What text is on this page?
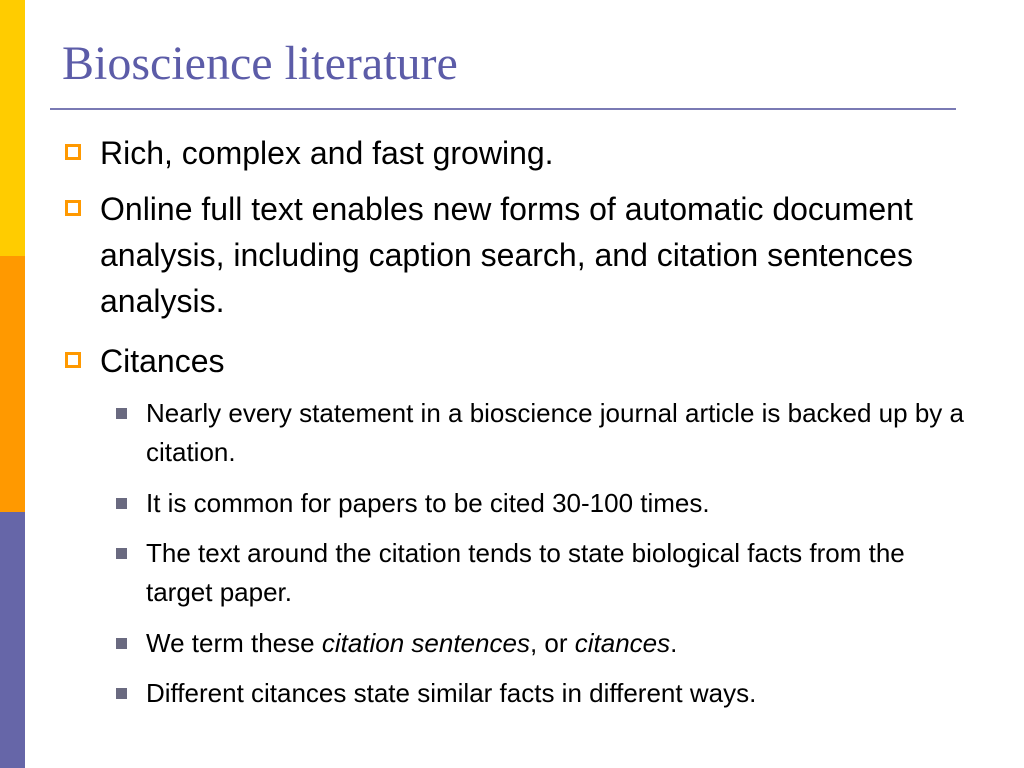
Bioscience literature
Rich, complex and fast growing.
Online full text enables new forms of automatic document analysis, including caption search, and citation sentences analysis.
Citances
Nearly every statement in a bioscience journal article is backed up by a citation.
It is common for papers to be cited 30-100 times.
The text around the citation tends to state biological facts from the target paper.
We term these citation sentences, or citances.
Different citances state similar facts in different ways.
